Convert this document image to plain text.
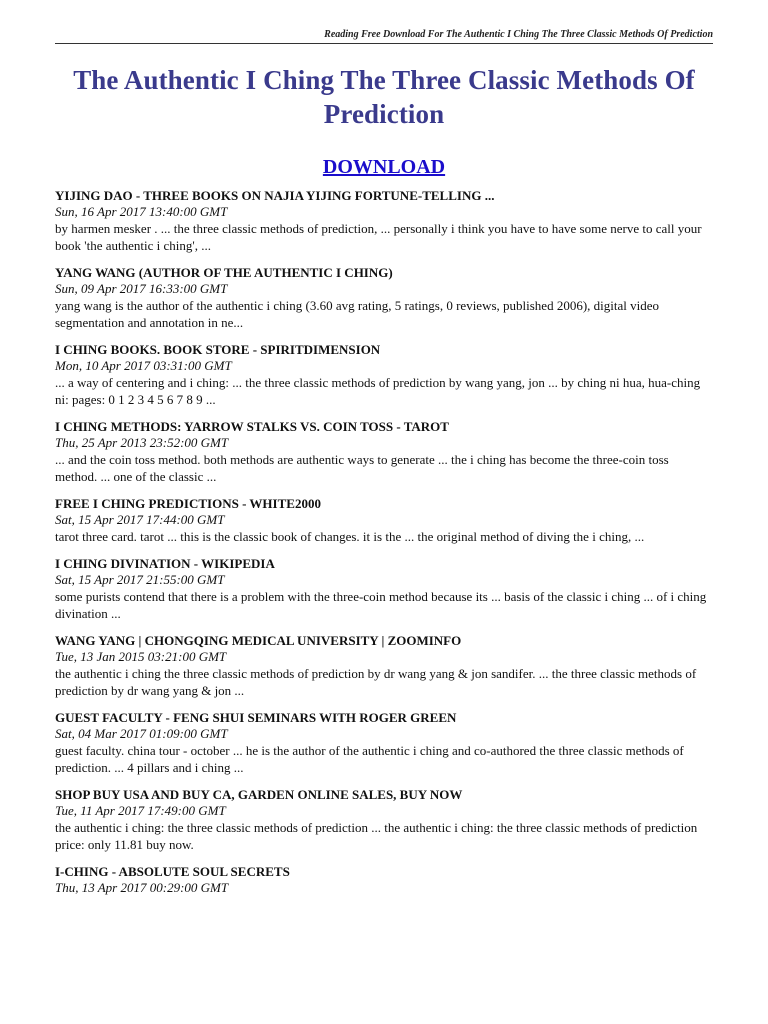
Reading Free Download For The Authentic I Ching The Three Classic Methods Of Prediction
The Authentic I Ching The Three Classic Methods Of Prediction
DOWNLOAD
YIJING DAO - THREE BOOKS ON NAJIA YIJING FORTUNE-TELLING ...
Sun, 16 Apr 2017 13:40:00 GMT
by harmen mesker . ... the three classic methods of prediction, ... personally i think you have to have some nerve to call your book 'the authentic i ching', ...
YANG WANG (AUTHOR OF THE AUTHENTIC I CHING)
Sun, 09 Apr 2017 16:33:00 GMT
yang wang is the author of the authentic i ching (3.60 avg rating, 5 ratings, 0 reviews, published 2006), digital video segmentation and annotation in ne...
I CHING BOOKS. BOOK STORE - SPIRITDIMENSION
Mon, 10 Apr 2017 03:31:00 GMT
... a way of centering and i ching: ... the three classic methods of prediction by wang yang, jon ... by ching ni hua, hua-ching ni: pages: 0 1 2 3 4 5 6 7 8 9 ...
I CHING METHODS: YARROW STALKS VS. COIN TOSS - TAROT
Thu, 25 Apr 2013 23:52:00 GMT
... and the coin toss method. both methods are authentic ways to generate ... the i ching has become the three-coin toss method. ... one of the classic ...
FREE I CHING PREDICTIONS - WHITE2000
Sat, 15 Apr 2017 17:44:00 GMT
tarot three card. tarot ... this is the classic book of changes. it is the ... the original method of diving the i ching, ...
I CHING DIVINATION - WIKIPEDIA
Sat, 15 Apr 2017 21:55:00 GMT
some purists contend that there is a problem with the three-coin method because its ... basis of the classic i ching ... of i ching divination ...
WANG YANG | CHONGQING MEDICAL UNIVERSITY | ZOOMINFO
Tue, 13 Jan 2015 03:21:00 GMT
the authentic i ching the three classic methods of prediction by dr wang yang & jon sandifer. ... the three classic methods of prediction by dr wang yang & jon ...
GUEST FACULTY - FENG SHUI SEMINARS WITH ROGER GREEN
Sat, 04 Mar 2017 01:09:00 GMT
guest faculty. china tour - october ... he is the author of the authentic i ching and co-authored the three classic methods of prediction. ... 4 pillars and i ching ...
SHOP BUY USA AND BUY CA, GARDEN ONLINE SALES, BUY NOW
Tue, 11 Apr 2017 17:49:00 GMT
the authentic i ching: the three classic methods of prediction ... the authentic i ching: the three classic methods of prediction price: only 11.81 buy now.
I-CHING - ABSOLUTE SOUL SECRETS
Thu, 13 Apr 2017 00:29:00 GMT
